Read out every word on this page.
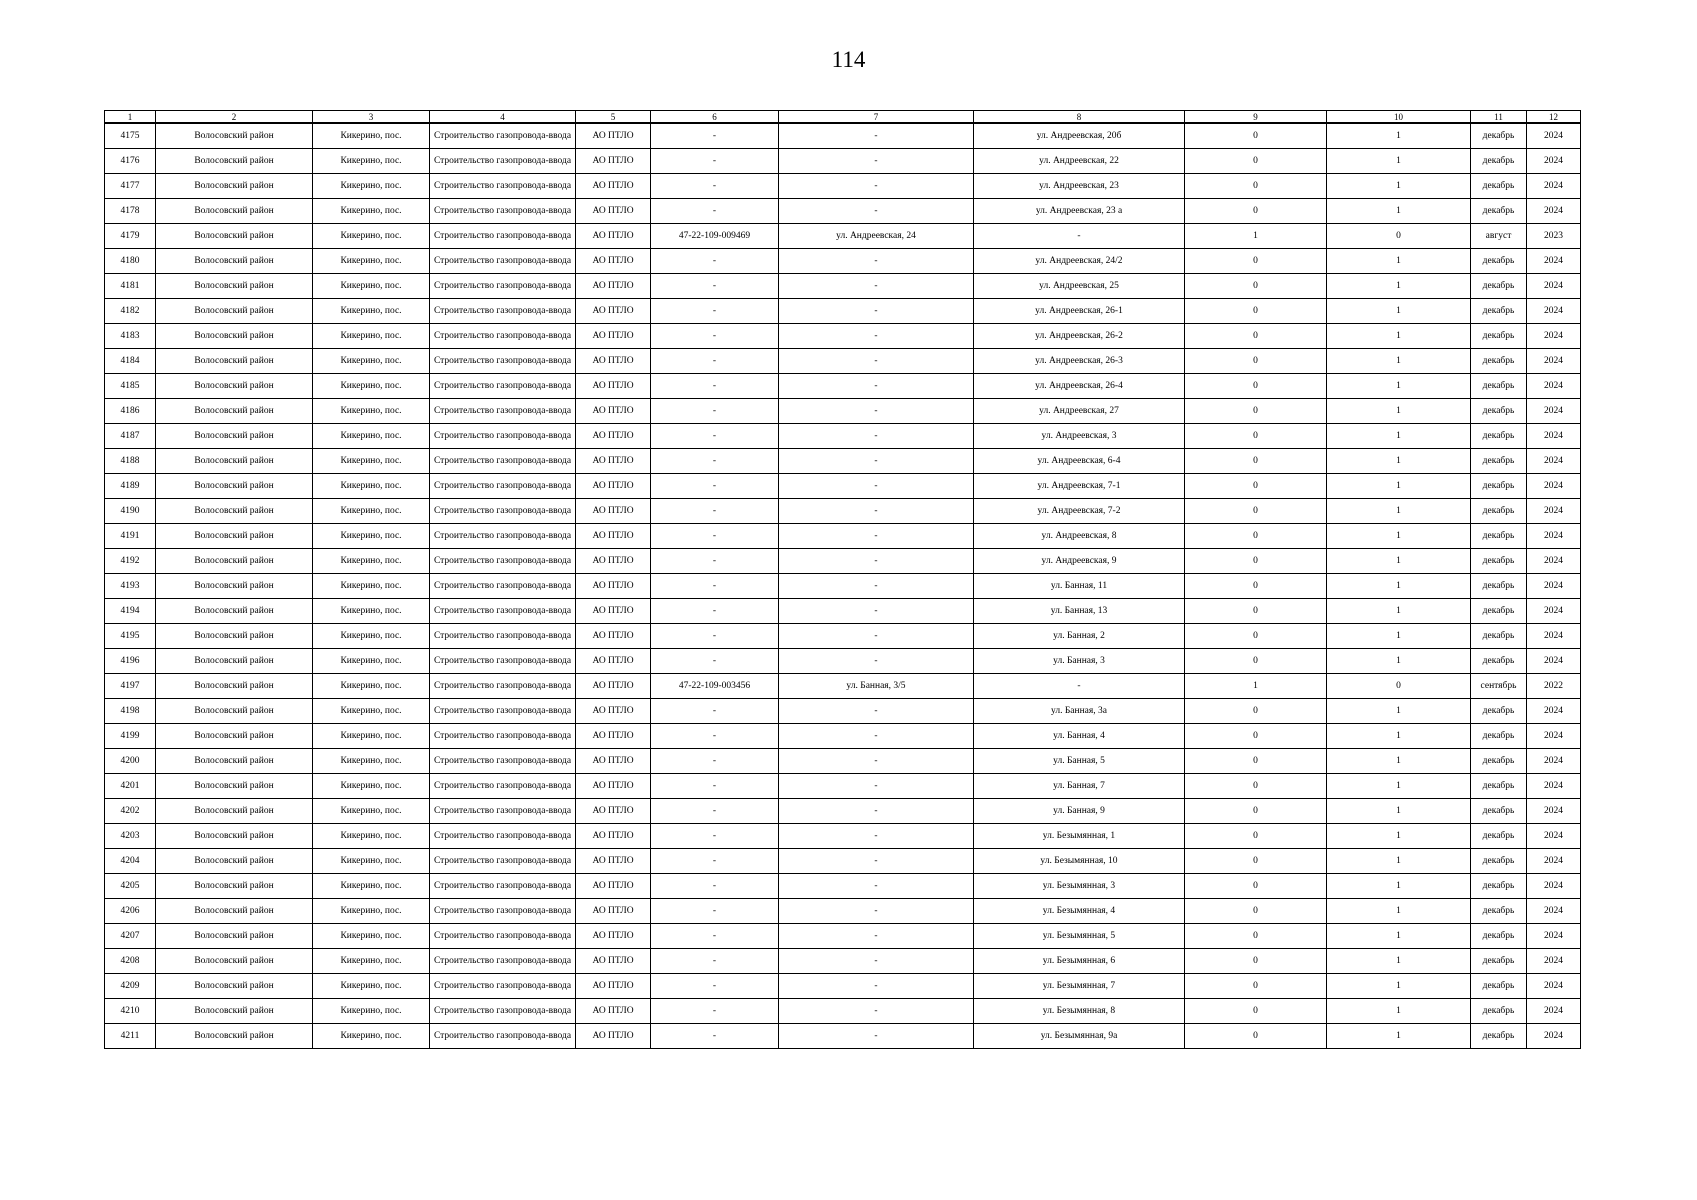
114
1	2	3	4	5	6	7	8	9	10	11	12
4175	Волосовский район	Кикерино, пос.	Строительство газопровода-ввода	АО ПТЛО	-	-	ул. Андреевская, 20б	0	1	декабрь	2024
4176	Волосовский район	Кикерино, пос.	Строительство газопровода-ввода	АО ПТЛО	-	-	ул. Андреевская, 22	0	1	декабрь	2024
4177	Волосовский район	Кикерино, пос.	Строительство газопровода-ввода	АО ПТЛО	-	-	ул. Андреевская, 23	0	1	декабрь	2024
4178	Волосовский район	Кикерино, пос.	Строительство газопровода-ввода	АО ПТЛО	-	-	ул. Андреевская, 23 а	0	1	декабрь	2024
4179	Волосовский район	Кикерино, пос.	Строительство газопровода-ввода	АО ПТЛО	47-22-109-009469	ул. Андреевская, 24	-	1	0	август	2023
4180	Волосовский район	Кикерино, пос.	Строительство газопровода-ввода	АО ПТЛО	-	-	ул. Андреевская, 24/2	0	1	декабрь	2024
4181	Волосовский район	Кикерино, пос.	Строительство газопровода-ввода	АО ПТЛО	-	-	ул. Андреевская, 25	0	1	декабрь	2024
4182	Волосовский район	Кикерино, пос.	Строительство газопровода-ввода	АО ПТЛО	-	-	ул. Андреевская, 26-1	0	1	декабрь	2024
4183	Волосовский район	Кикерино, пос.	Строительство газопровода-ввода	АО ПТЛО	-	-	ул. Андреевская, 26-2	0	1	декабрь	2024
4184	Волосовский район	Кикерино, пос.	Строительство газопровода-ввода	АО ПТЛО	-	-	ул. Андреевская, 26-3	0	1	декабрь	2024
4185	Волосовский район	Кикерино, пос.	Строительство газопровода-ввода	АО ПТЛО	-	-	ул. Андреевская, 26-4	0	1	декабрь	2024
4186	Волосовский район	Кикерино, пос.	Строительство газопровода-ввода	АО ПТЛО	-	-	ул. Андреевская, 27	0	1	декабрь	2024
4187	Волосовский район	Кикерино, пос.	Строительство газопровода-ввода	АО ПТЛО	-	-	ул. Андреевская, 3	0	1	декабрь	2024
4188	Волосовский район	Кикерино, пос.	Строительство газопровода-ввода	АО ПТЛО	-	-	ул. Андреевская, 6-4	0	1	декабрь	2024
4189	Волосовский район	Кикерино, пос.	Строительство газопровода-ввода	АО ПТЛО	-	-	ул. Андреевская, 7-1	0	1	декабрь	2024
4190	Волосовский район	Кикерино, пос.	Строительство газопровода-ввода	АО ПТЛО	-	-	ул. Андреевская, 7-2	0	1	декабрь	2024
4191	Волосовский район	Кикерино, пос.	Строительство газопровода-ввода	АО ПТЛО	-	-	ул. Андреевская, 8	0	1	декабрь	2024
4192	Волосовский район	Кикерино, пос.	Строительство газопровода-ввода	АО ПТЛО	-	-	ул. Андреевская, 9	0	1	декабрь	2024
4193	Волосовский район	Кикерино, пос.	Строительство газопровода-ввода	АО ПТЛО	-	-	ул. Банная, 11	0	1	декабрь	2024
4194	Волосовский район	Кикерино, пос.	Строительство газопровода-ввода	АО ПТЛО	-	-	ул. Банная, 13	0	1	декабрь	2024
4195	Волосовский район	Кикерино, пос.	Строительство газопровода-ввода	АО ПТЛО	-	-	ул. Банная, 2	0	1	декабрь	2024
4196	Волосовский район	Кикерино, пос.	Строительство газопровода-ввода	АО ПТЛО	-	-	ул. Банная, 3	0	1	декабрь	2024
4197	Волосовский район	Кикерино, пос.	Строительство газопровода-ввода	АО ПТЛО	47-22-109-003456	ул. Банная, 3/5	-	1	0	сентябрь	2022
4198	Волосовский район	Кикерино, пос.	Строительство газопровода-ввода	АО ПТЛО	-	-	ул. Банная, 3а	0	1	декабрь	2024
4199	Волосовский район	Кикерино, пос.	Строительство газопровода-ввода	АО ПТЛО	-	-	ул. Банная, 4	0	1	декабрь	2024
4200	Волосовский район	Кикерино, пос.	Строительство газопровода-ввода	АО ПТЛО	-	-	ул. Банная, 5	0	1	декабрь	2024
4201	Волосовский район	Кикерино, пос.	Строительство газопровода-ввода	АО ПТЛО	-	-	ул. Банная, 7	0	1	декабрь	2024
4202	Волосовский район	Кикерино, пос.	Строительство газопровода-ввода	АО ПТЛО	-	-	ул. Банная, 9	0	1	декабрь	2024
4203	Волосовский район	Кикерино, пос.	Строительство газопровода-ввода	АО ПТЛО	-	-	ул. Безымянная, 1	0	1	декабрь	2024
4204	Волосовский район	Кикерино, пос.	Строительство газопровода-ввода	АО ПТЛО	-	-	ул. Безымянная, 10	0	1	декабрь	2024
4205	Волосовский район	Кикерино, пос.	Строительство газопровода-ввода	АО ПТЛО	-	-	ул. Безымянная, 3	0	1	декабрь	2024
4206	Волосовский район	Кикерино, пос.	Строительство газопровода-ввода	АО ПТЛО	-	-	ул. Безымянная, 4	0	1	декабрь	2024
4207	Волосовский район	Кикерино, пос.	Строительство газопровода-ввода	АО ПТЛО	-	-	ул. Безымянная, 5	0	1	декабрь	2024
4208	Волосовский район	Кикерино, пос.	Строительство газопровода-ввода	АО ПТЛО	-	-	ул. Безымянная, 6	0	1	декабрь	2024
4209	Волосовский район	Кикерино, пос.	Строительство газопровода-ввода	АО ПТЛО	-	-	ул. Безымянная, 7	0	1	декабрь	2024
4210	Волосовский район	Кикерино, пос.	Строительство газопровода-ввода	АО ПТЛО	-	-	ул. Безымянная, 8	0	1	декабрь	2024
4211	Волосовский район	Кикерино, пос.	Строительство газопровода-ввода	АО ПТЛО	-	-	ул. Безымянная, 9а	0	1	декабрь	2024
